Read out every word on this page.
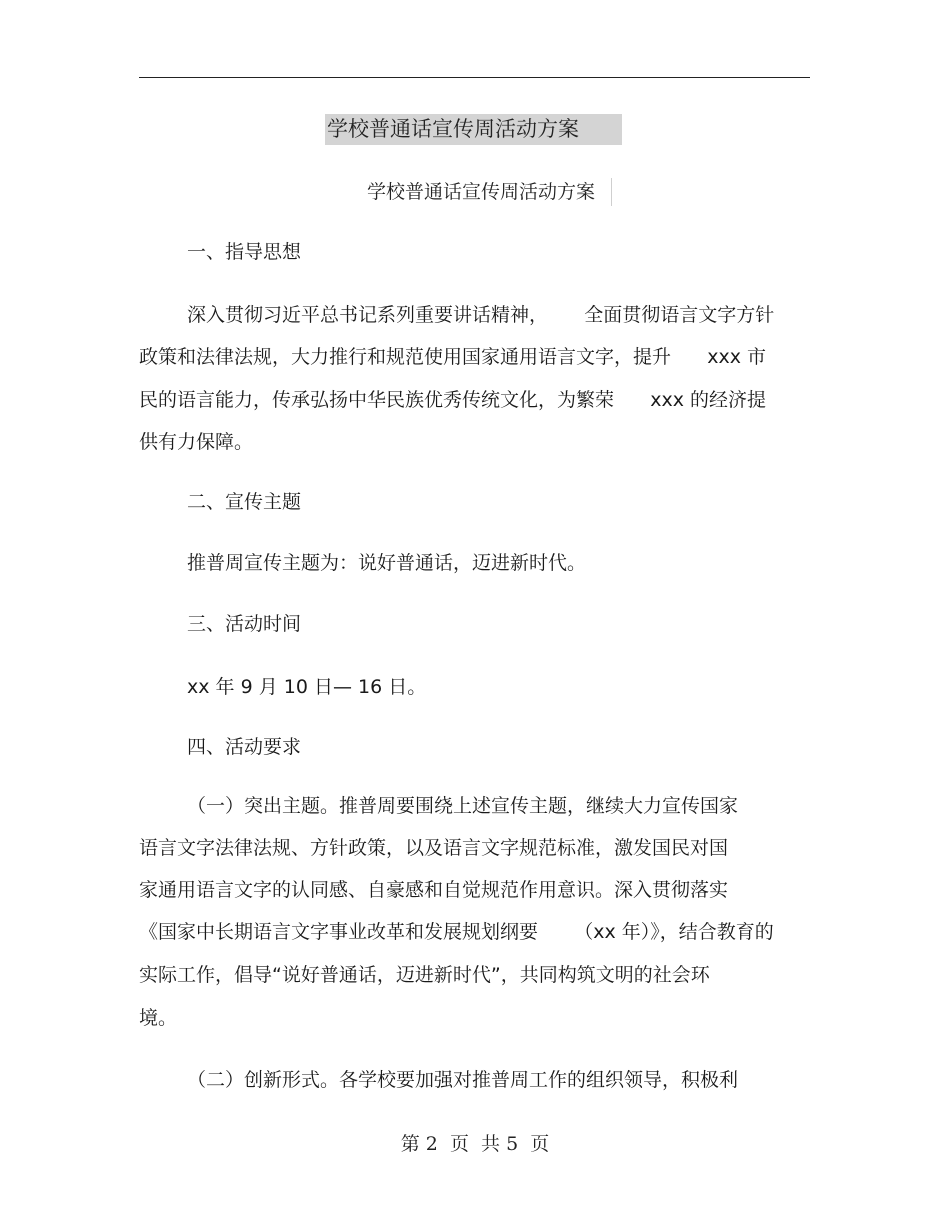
学校普通话宣传周活动方案
学校普通话宣传周活动方案
一、指导思想
深入贯彻习近平总书记系列重要讲话精神，      全面贯彻语言文字方针
政策和法律法规，大力推行和规范使用国家通用语言文字，提升      xxx 市
民的语言能力，传承弘扬中华民族优秀传统文化，为繁荣      xxx 的经济提
供有力保障。
二、宣传主题
推普周宣传主题为：说好普通话，迈进新时代。
三、活动时间
xx 年 9 月 10 日— 16 日。
四、活动要求
（一）突出主题。推普周要围绕上述宣传主题，继续大力宣传国家
语言文字法律法规、方针政策，以及语言文字规范标准，激发国民对国
家通用语言文字的认同感、自豪感和自觉规范作用意识。深入贯彻落实
《国家中长期语言文字事业改革和发展规划纲要      （xx 年）》，结合教育的
实际工作，倡导“说好普通话，迈进新时代”，共同构筑文明的社会环
境。
（二）创新形式。各学校要加强对推普周工作的组织领导，积极利
第 2  页  共 5  页
